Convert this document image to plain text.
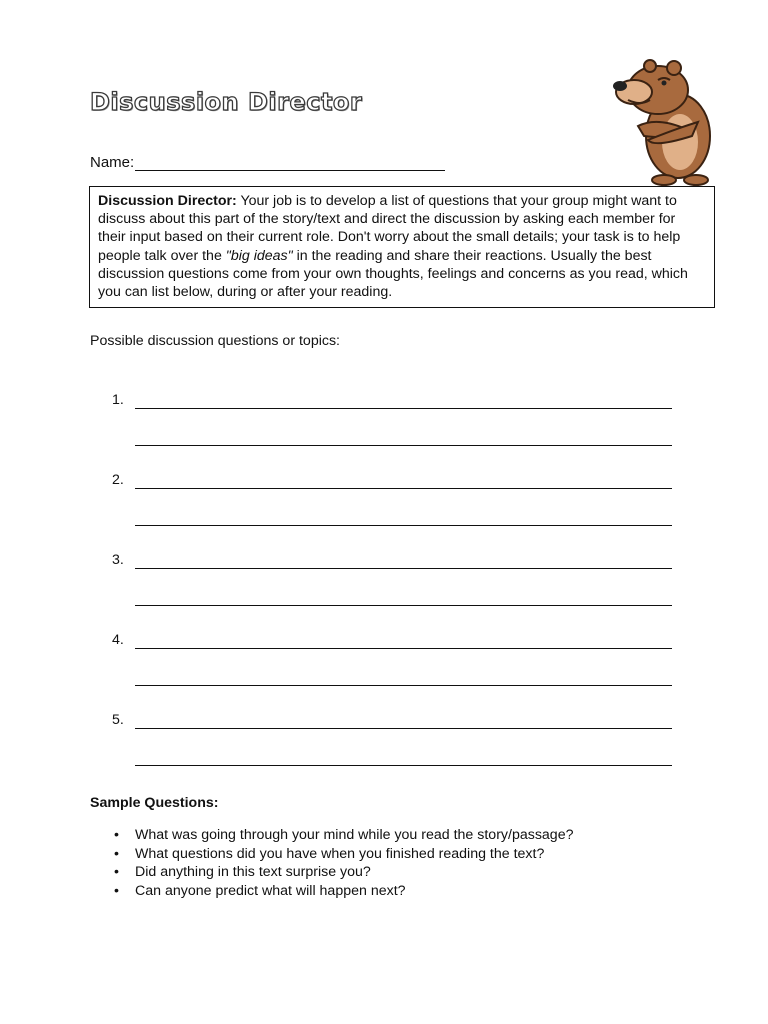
Discussion Director
Name:
Discussion Director: Your job is to develop a list of questions that your group might want to discuss about this part of the story/text and direct the discussion by asking each member for their input based on their current role. Don't worry about the small details; your task is to help people talk over the "big ideas" in the reading and share their reactions. Usually the best discussion questions come from your own thoughts, feelings and concerns as you read, which you can list below, during or after your reading.
Possible discussion questions or topics:
1.
2.
3.
4.
5.
Sample Questions:
• What was going through your mind while you read the story/passage?
• What questions did you have when you finished reading the text?
• Did anything in this text surprise you?
• Can anyone predict what will happen next?
